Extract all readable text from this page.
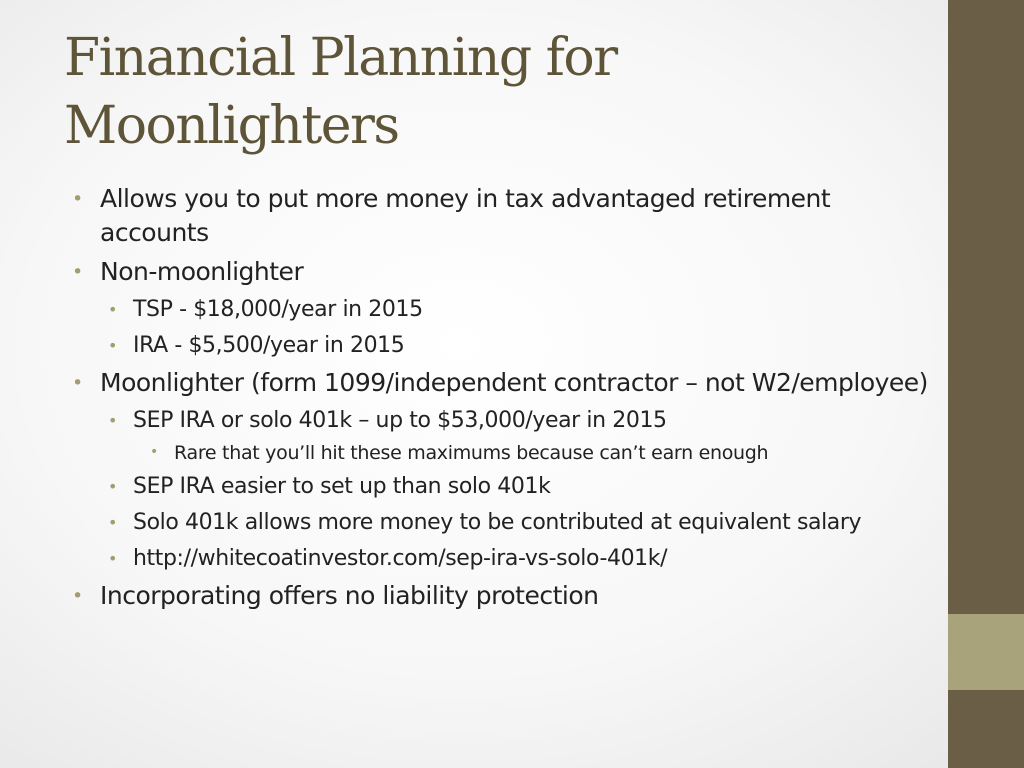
Financial Planning for
Moonlighters
• Allows you to put more money in tax advantaged retirement accounts
• Non-moonlighter
• TSP - $18,000/year in 2015
• IRA - $5,500/year in 2015
• Moonlighter (form 1099/independent contractor – not W2/employee)
• SEP IRA or solo 401k – up to $53,000/year in 2015
• Rare that you’ll hit these maximums because can’t earn enough
• SEP IRA easier to set up than solo 401k
• Solo 401k allows more money to be contributed at equivalent salary
• http://whitecoatinvestor.com/sep-ira-vs-solo-401k/
• Incorporating offers no liability protection
